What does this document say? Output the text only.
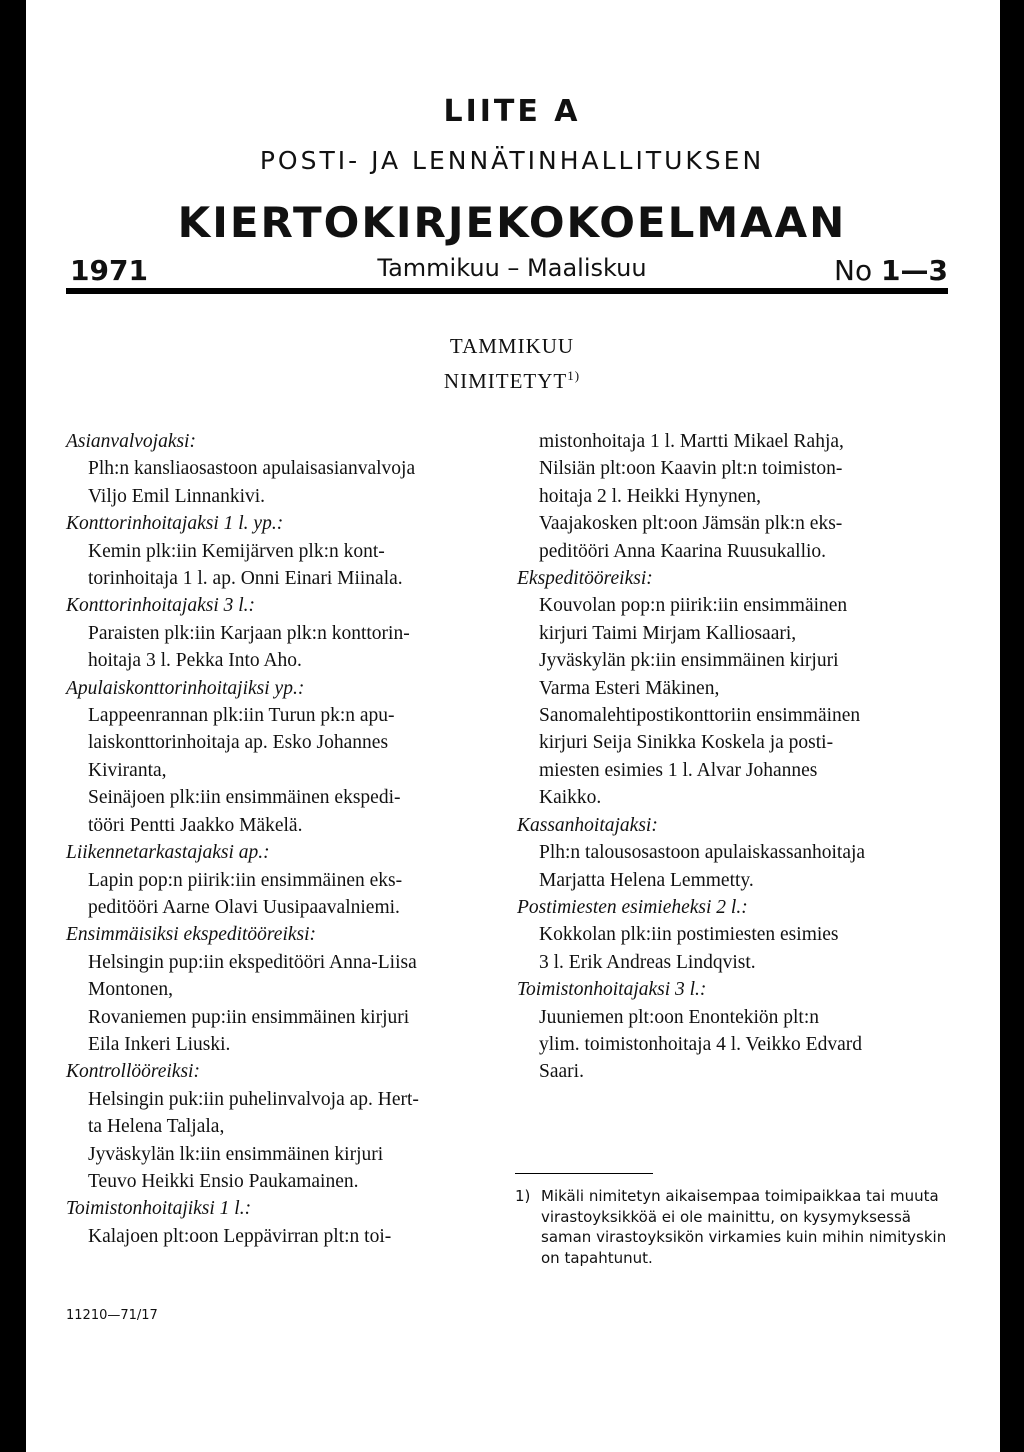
LIITE A
POSTI- JA LENNÄTINHALLITUKSEN
KIERTOKIRJEKOKOELMAAN
1971	Tammikuu – Maaliskuu	No 1—3
TAMMIKUU
NIMITETYT$^{1)}$
Asianvalvojaksi:
Plh:n kansliaosastoon apulaisasianvalvoja
Viljo Emil Linnankivi.
Konttorinhoitajaksi 1 l. yp.:
Kemin plk:iin Kemijärven plk:n kont-
torinhoitaja 1 l. ap. Onni Einari Miinala.
Konttorinhoitajaksi 3 l.:
Paraisten plk:iin Karjaan plk:n konttorin-
hoitaja 3 l. Pekka Into Aho.
Apulaiskonttorinhoitajiksi yp.:
Lappeenrannan plk:iin Turun pk:n apu-
laiskonttorinhoitaja ap. Esko Johannes
Kiviranta,
Seinäjoen plk:iin ensimmäinen ekspedi-
tööri Pentti Jaakko Mäkelä.
Liikennetarkastajaksi ap.:
Lapin pop:n piirik:iin ensimmäinen eks-
peditööri Aarne Olavi Uusipaavalniemi.
Ensimmäisiksi ekspeditööreiksi:
Helsingin pup:iin ekspeditööri Anna-Liisa
Montonen,
Rovaniemen pup:iin ensimmäinen kirjuri
Eila Inkeri Liuski.
Kontrollööreiksi:
Helsingin puk:iin puhelinvalvoja ap. Hert-
ta Helena Taljala,
Jyväskylän lk:iin ensimmäinen kirjuri
Teuvo Heikki Ensio Paukamainen.
Toimistonhoitajiksi 1 l.:
Kalajoen plt:oon Leppävirran plt:n toi-
mistonhoitaja 1 l. Martti Mikael Rahja,
Nilsiän plt:oon Kaavin plt:n toimiston-
hoitaja 2 l. Heikki Hynynen,
Vaajakosken plt:oon Jämsän plk:n eks-
peditööri Anna Kaarina Ruusukallio.
Ekspeditööreiksi:
Kouvolan pop:n piirik:iin ensimmäinen
kirjuri Taimi Mirjam Kalliosaari,
Jyväskylän pk:iin ensimmäinen kirjuri
Varma Esteri Mäkinen,
Sanomalehtipostikonttoriin ensimmäinen
kirjuri Seija Sinikka Koskela ja posti-
miesten esimies 1 l. Alvar Johannes
Kaikko.
Kassanhoitajaksi:
Plh:n talousosastoon apulaiskassanhoitaja
Marjatta Helena Lemmetty.
Postimiesten esimieheksi 2 l.:
Kokkolan plk:iin postimiesten esimies
3 l. Erik Andreas Lindqvist.
Toimistonhoitajaksi 3 l.:
Juuniemen plt:oon Enontekiön plt:n
ylim. toimistonhoitaja 4 l. Veikko Edvard
Saari.
1) Mikäli nimitetyn aikaisempaa toimipaikkaa tai muuta virastoyksikköä ei ole mainittu, on kysymyksessä saman virastoyksikön virkamies kuin mihin nimityskin on tapahtunut.
11210—71/17
